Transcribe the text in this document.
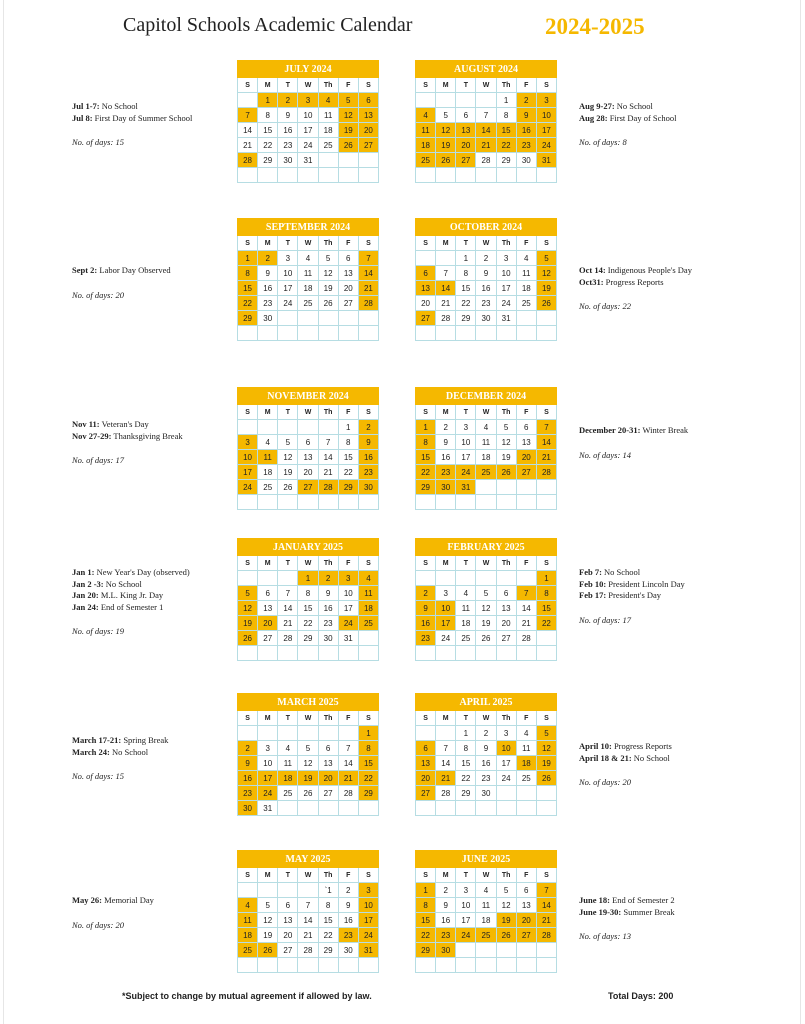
Capitol Schools Academic Calendar	2024-2025
JULY 2024						
S	M	T	W	Th	F	S
	1	2	3	4	5	6
7	8	9	10	11	12	13
14	15	16	17	18	19	20
21	22	23	24	25	26	27
28	29	30	31			

AUGUST 2024						
S	M	T	W	Th	F	S
				1	2	3
4	5	6	7	8	9	10
11	12	13	14	15	16	17
18	19	20	21	22	23	24
25	26	27	28	29	30	31

SEPTEMBER 2024						
S	M	T	W	Th	F	S
1	2	3	4	5	6	7
8	9	10	11	12	13	14
15	16	17	18	19	20	21
22	23	24	25	26	27	28
29	30					

OCTOBER 2024						
S	M	T	W	Th	F	S
		1	2	3	4	5
6	7	8	9	10	11	12
13	14	15	16	17	18	19
20	21	22	23	24	25	26
27	28	29	30	31		

NOVEMBER 2024						
S	M	T	W	Th	F	S
					1	2
3	4	5	6	7	8	9
10	11	12	13	14	15	16
17	18	19	20	21	22	23
24	25	26	27	28	29	30

DECEMBER 2024						
S	M	T	W	Th	F	S
1	2	3	4	5	6	7
8	9	10	11	12	13	14
15	16	17	18	19	20	21
22	23	24	25	26	27	28
29	30	31				

JANUARY 2025						
S	M	T	W	Th	F	S
			1	2	3	4
5	6	7	8	9	10	11
12	13	14	15	16	17	18
19	20	21	22	23	24	25
26	27	28	29	30	31	

FEBRUARY 2025						
S	M	T	W	Th	F	S
						1
2	3	4	5	6	7	8
9	10	11	12	13	14	15
16	17	18	19	20	21	22
23	24	25	26	27	28	

MARCH 2025						
S	M	T	W	Th	F	S
						1
2	3	4	5	6	7	8
9	10	11	12	13	14	15
16	17	18	19	20	21	22
23	24	25	26	27	28	29
30	31					
APRIL 2025						
S	M	T	W	Th	F	S
		1	2	3	4	5
6	7	8	9	10	11	12
13	14	15	16	17	18	19
20	21	22	23	24	25	26
27	28	29	30			

MAY 2025						
S	M	T	W	Th	F	S
				`1	2	3
4	5	6	7	8	9	10
11	12	13	14	15	16	17
18	19	20	21	22	23	24
25	26	27	28	29	30	31

JUNE 2025						
S	M	T	W	Th	F	S
1	2	3	4	5	6	7
8	9	10	11	12	13	14
15	16	17	18	19	20	21
22	23	24	25	26	27	28
29	30					

Jul 1-7: No School
Jul 8: First Day of Summer School
No. of days: 15
Aug 9-27: No School
Aug 28: First Day of School
No. of days: 8
Sept 2: Labor Day Observed
No. of days: 20
Oct 14: Indigenous People's Day
Oct31: Progress Reports
No. of days: 22
Nov 11: Veteran's Day
Nov 27-29: Thanksgiving Break
No. of days: 17
December 20-31: Winter Break
No. of days: 14
Jan 1: New Year's Day (observed)
Jan 2 -3: No School
Jan 20: M.L. King Jr. Day
Jan 24: End of Semester 1
No. of days: 19
Feb 7: No School
Feb 10: President Lincoln Day
Feb 17: President's Day
No. of days: 17
March 17-21: Spring Break
March 24: No School
No. of days: 15
April 10: Progress Reports
April 18 & 21: No School
No. of days: 20
May 26: Memorial Day
No. of days: 20
June 18: End of Semester 2
June 19-30: Summer Break
No. of days: 13
*Subject to change by mutual agreement if allowed by law.	Total Days: 200
